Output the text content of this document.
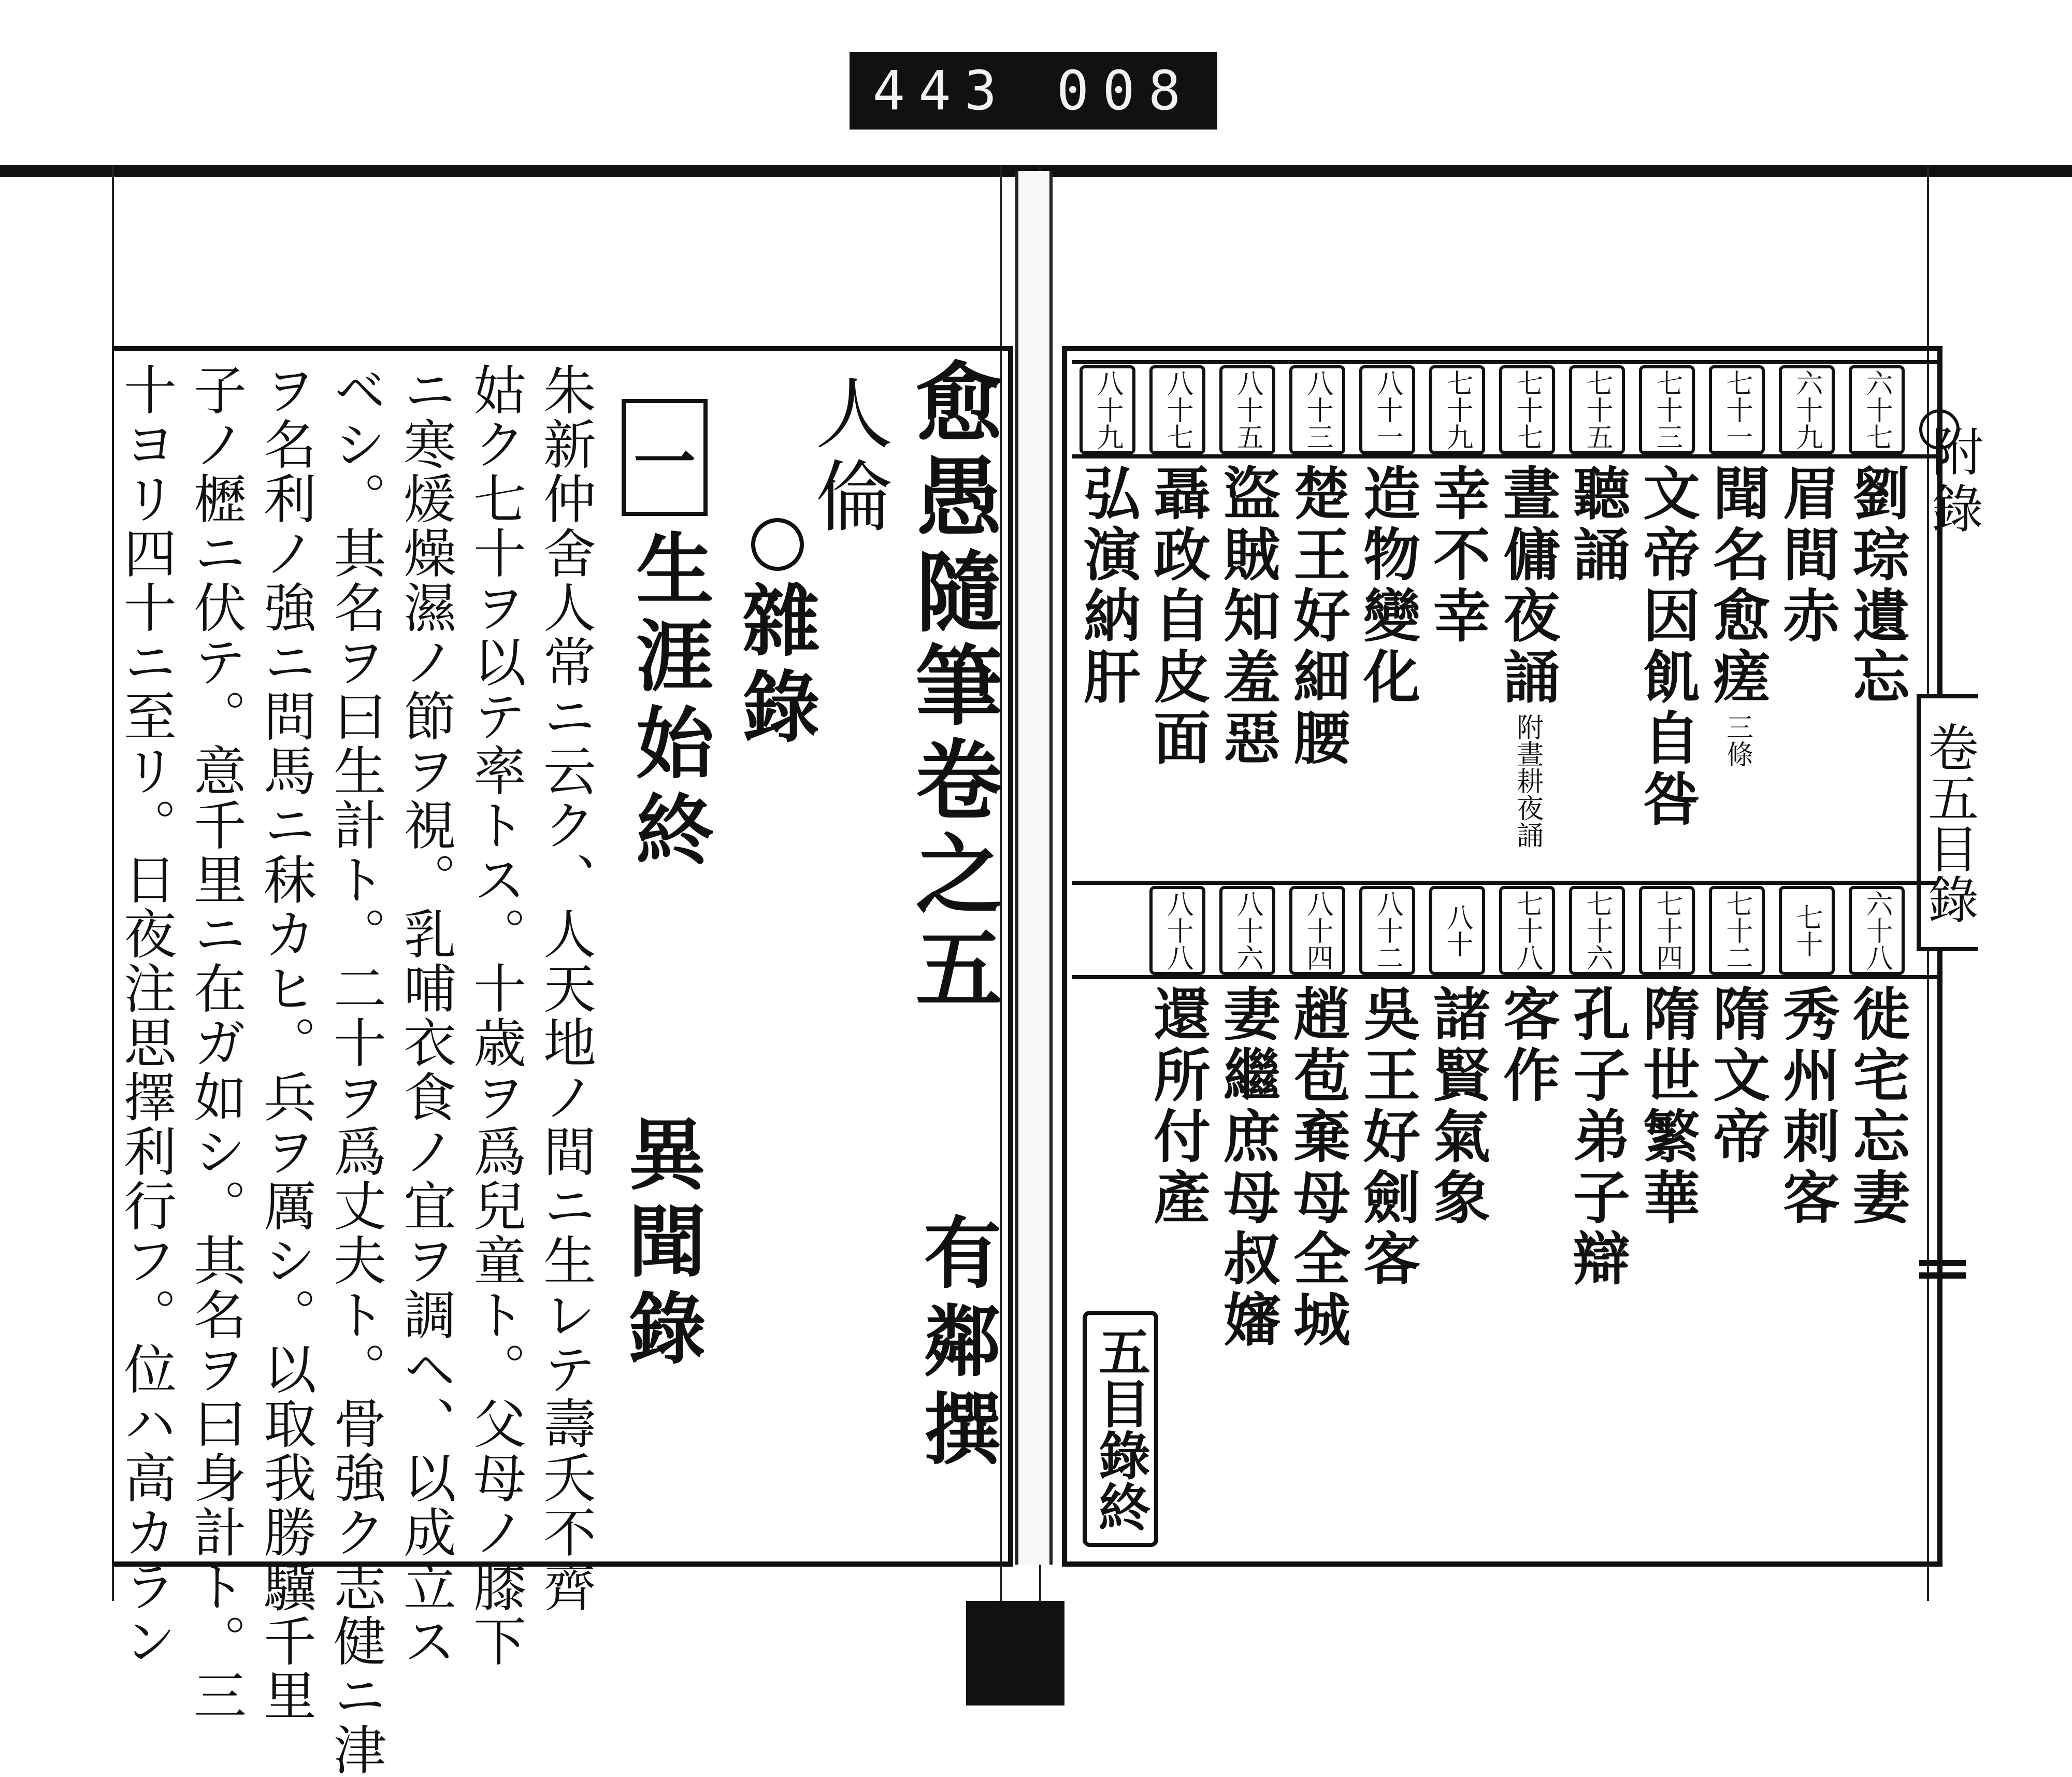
443 008
愈愚隨筆卷之五
有鄰撰
人倫
雜錄
一
生涯始終
異聞錄
朱新仲舍人常ニ云ク、人天地ノ間ニ生レテ壽夭不齊
姑ク七十ヲ以テ率トス。十歳ヲ爲兒童ト。父母ノ膝下
ニ寒煖燥濕ノ節ヲ視。乳哺衣食ノ宜ヲ調ヘ、以成立ス
ベシ。其名ヲ曰生計ト。二十ヲ爲丈夫ト。骨強ク志健ニ津
ヲ名利ノ強ニ問馬ニ秣カヒ。兵ヲ厲シ。以取我勝驥千里
子ノ櫪ニ伏テ。意千里ニ在ガ如シ。其名ヲ曰身計ト。三
十ヨリ四十ニ至リ。日夜注思擇利行フ。位ハ高カラン	附錄
卷五目錄
六十七
劉琮遺忘
六十九
眉間赤
七十一
聞名愈瘥
三條
七十三
文帝因飢自咎
七十五
聽誦
七十七
晝傭夜誦
附晝耕夜誦
七十九
幸不幸
八十一
造物變化
八十三
楚王好細腰
八十五
盜賊知羞惡
八十七
聶政自皮面
八十九
弘演納肝
六十八
徙宅忘妻
七十
秀州刺客
七十二
隋文帝
七十四
隋世繁華
七十六
孔子弟子辯
七十八
客作
八十
諸賢氣象
八十二
吳王好劍客
八十四
趙苞棄母全城
八十六
妻繼庶母叔嬸
八十八
還所付產
五目錄終
